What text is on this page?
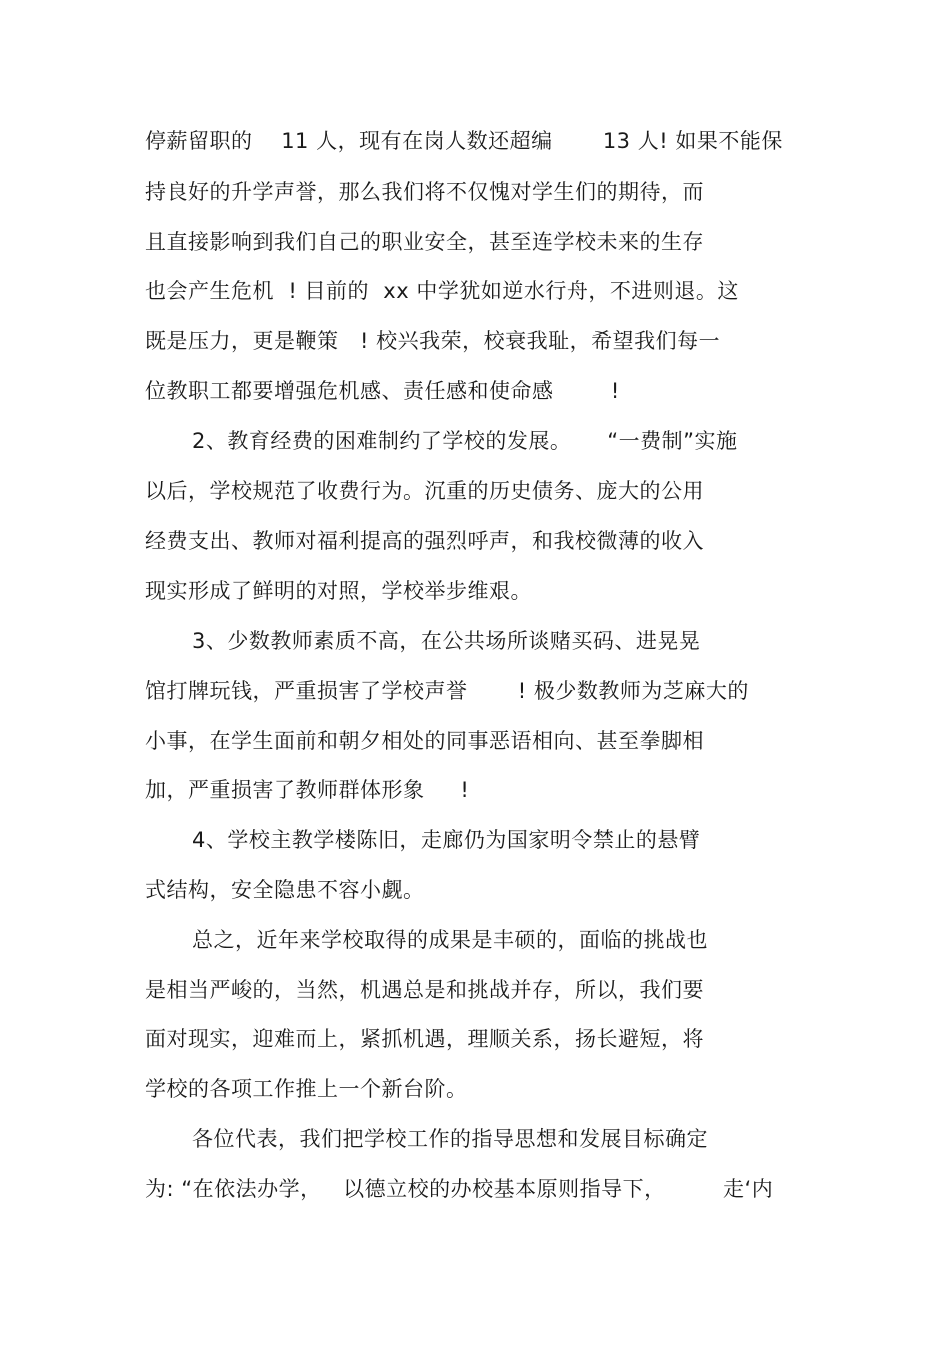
停薪留职的    11 人，现有在岗人数还超编       13 人! 如果不能保
持良好的升学声誉，那么我们将不仅愧对学生们的期待，而
且直接影响到我们自己的职业安全，甚至连学校未来的生存
也会产生危机  ! 目前的  xx 中学犹如逆水行舟，不进则退。这
既是压力，更是鞭策   ! 校兴我荣，校衰我耻，希望我们每一
位教职工都要增强危机感、责任感和使命感        !
2、教育经费的困难制约了学校的发展。     “一费制”实施
以后，学校规范了收费行为。沉重的历史债务、庞大的公用
经费支出、教师对福利提高的强烈呼声，和我校微薄的收入
现实形成了鲜明的对照，学校举步维艰。
3、少数教师素质不高，在公共场所谈赌买码、进晃晃
馆打牌玩钱，严重损害了学校声誉       ! 极少数教师为芝麻大的
小事，在学生面前和朝夕相处的同事恶语相向、甚至拳脚相
加，严重损害了教师群体形象     !
4、学校主教学楼陈旧，走廊仍为国家明令禁止的悬臂
式结构，安全隐患不容小觑。
总之，近年来学校取得的成果是丰硕的，面临的挑战也
是相当严峻的，当然，机遇总是和挑战并存，所以，我们要
面对现实，迎难而上，紧抓机遇，理顺关系，扬长避短，将
学校的各项工作推上一个新台阶。
各位代表，我们把学校工作的指导思想和发展目标确定
为: “在依法办学，   以德立校的办校基本原则指导下，        走‘内
